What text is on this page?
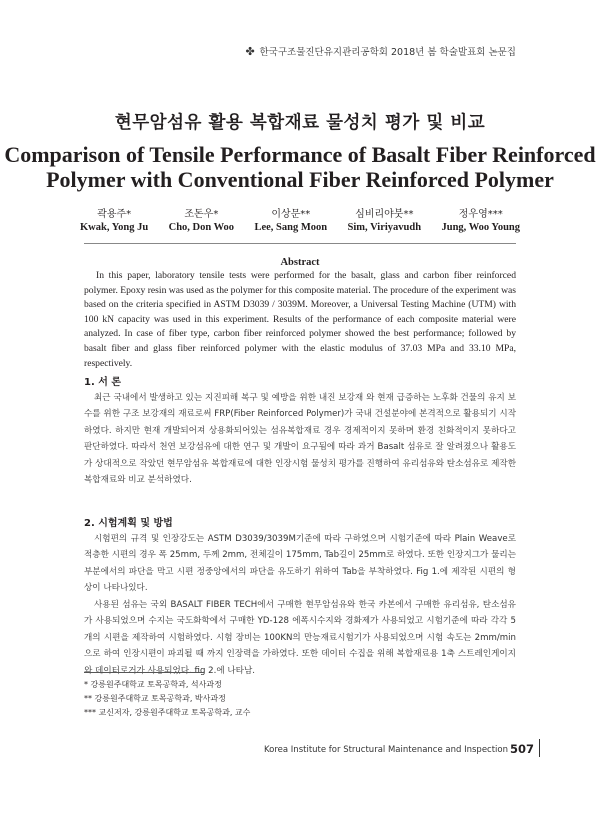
✤ 한국구조물진단유지관리공학회 2018년 봄 학술발표회 논문집
현무암섬유 활용 복합재료 물성치 평가 및 비교
Comparison of Tensile Performance of Basalt Fiber Reinforced
Polymer with Conventional Fiber Reinforced Polymer
곽용주*
Kwak, Yong Ju
조돈우*
Cho, Don Woo
이상문**
Lee, Sang Moon
심비리야붓**
Sim, Viriyavudh
정우영***
Jung, Woo Young
Abstract
In this paper, laboratory tensile tests were performed for the basalt, glass and carbon fiber reinforced polymer. Epoxy resin was used as the polymer for this composite material. The procedure of the experiment was based on the criteria specified in ASTM D3039 / 3039M. Moreover, a Universal Testing Machine (UTM) with 100 kN capacity was used in this experiment. Results of the performance of each composite material were analyzed. In case of fiber type, carbon fiber reinforced polymer showed the best performance; followed by basalt fiber and glass fiber reinforced polymer with the elastic modulus of 37.03 MPa and 33.10 MPa, respectively.
1. 서 론
최근 국내에서 발생하고 있는 지진피해 복구 및 예방을 위한 내진 보강재 와 현재 급증하는 노후화 건물의 유지 보수를 위한 구조 보강재의 재료로써 FRP(Fiber Reinforced Polymer)가 국내 건설분야에 본격적으로 활용되기 시작하였다. 하지만 현재 개발되어져 상용화되어있는 섬유복합재료 경우 경제적이지 못하며 환경 친화적이지 못하다고 판단하였다. 따라서 천연 보강섬유에 대한 연구 및 개발이 요구됨에 따라 과거 Basalt 섬유로 잘 알려졌으나 활용도가 상대적으로 작았던 현무암섬유 복합재료에 대한 인장시험 물성치 평가를 진행하여 유리섬유와 탄소섬유로 제작한 복합재료와 비교 분석하였다.
2. 시험계획 및 방법
시험편의 규격 및 인장강도는 ASTM D3039/3039M기준에 따라 구하였으며 시험기준에 따라 Plain Weave로 적층한 시편의 경우 폭 25mm, 두께 2mm, 전체길이 175mm, Tab길이 25mm로 하였다. 또한 인장지그가 물리는 부분에서의 파단을 막고 시편 정중앙에서의 파단을 유도하기 위하여 Tab을 부착하였다. Fig 1.에 제작된 시편의 형상이 나타나있다.
사용된 섬유는 국외 BASALT FIBER TECH에서 구매한 현무암섬유와 한국 카본에서 구매한 유리섬유, 탄소섬유가 사용되었으며 수지는 국도화학에서 구매한 YD-128 에폭시수지와 경화제가 사용되었고 시험기준에 따라 각각 5개의 시편을 제작하여 시험하였다. 시험 장비는 100KN의 만능재료시험기가 사용되었으며 시험 속도는 2mm/min으로 하여 인장시편이 파괴될 때 까지 인장력을 가하였다. 또한 데이터 수집을 위해 복합재료용 1축 스트레인게이지와 데이터로거가 사용되었다. fig 2.에 나타남.
* 강릉원주대학교 토목공학과, 석사과정
** 강릉원주대학교 토목공학과, 박사과정
*** 교신저자, 강릉원주대학교 토목공학과, 교수
Korea Institute for Structural Maintenance and Inspection 507
